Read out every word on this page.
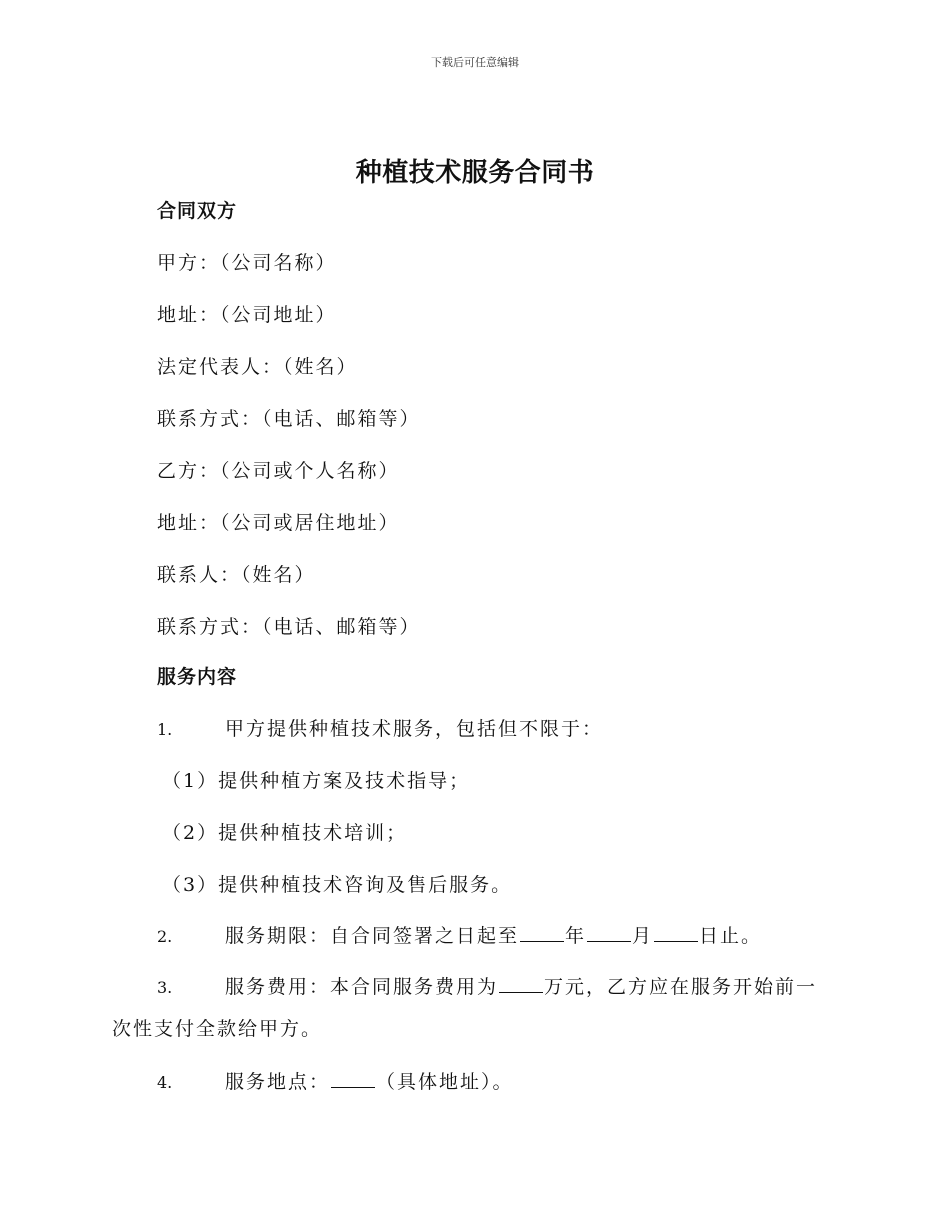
下载后可任意编辑
种植技术服务合同书
合同双方
甲方：（公司名称）
地址：（公司地址）
法定代表人：（姓名）
联系方式：（电话、邮箱等）
乙方：（公司或个人名称）
地址：（公司或居住地址）
联系人：（姓名）
联系方式：（电话、邮箱等）
服务内容
1.	甲方提供种植技术服务，包括但不限于：
（1）提供种植方案及技术指导；
（2）提供种植技术培训；
（3）提供种植技术咨询及售后服务。
2.	服务期限：自合同签署之日起至 年 月 日止。
3.	服务费用：本合同服务费用为 万元，乙方应在服务开始前一
次性支付全款给甲方。
4.	服务地点： （具体地址）。
